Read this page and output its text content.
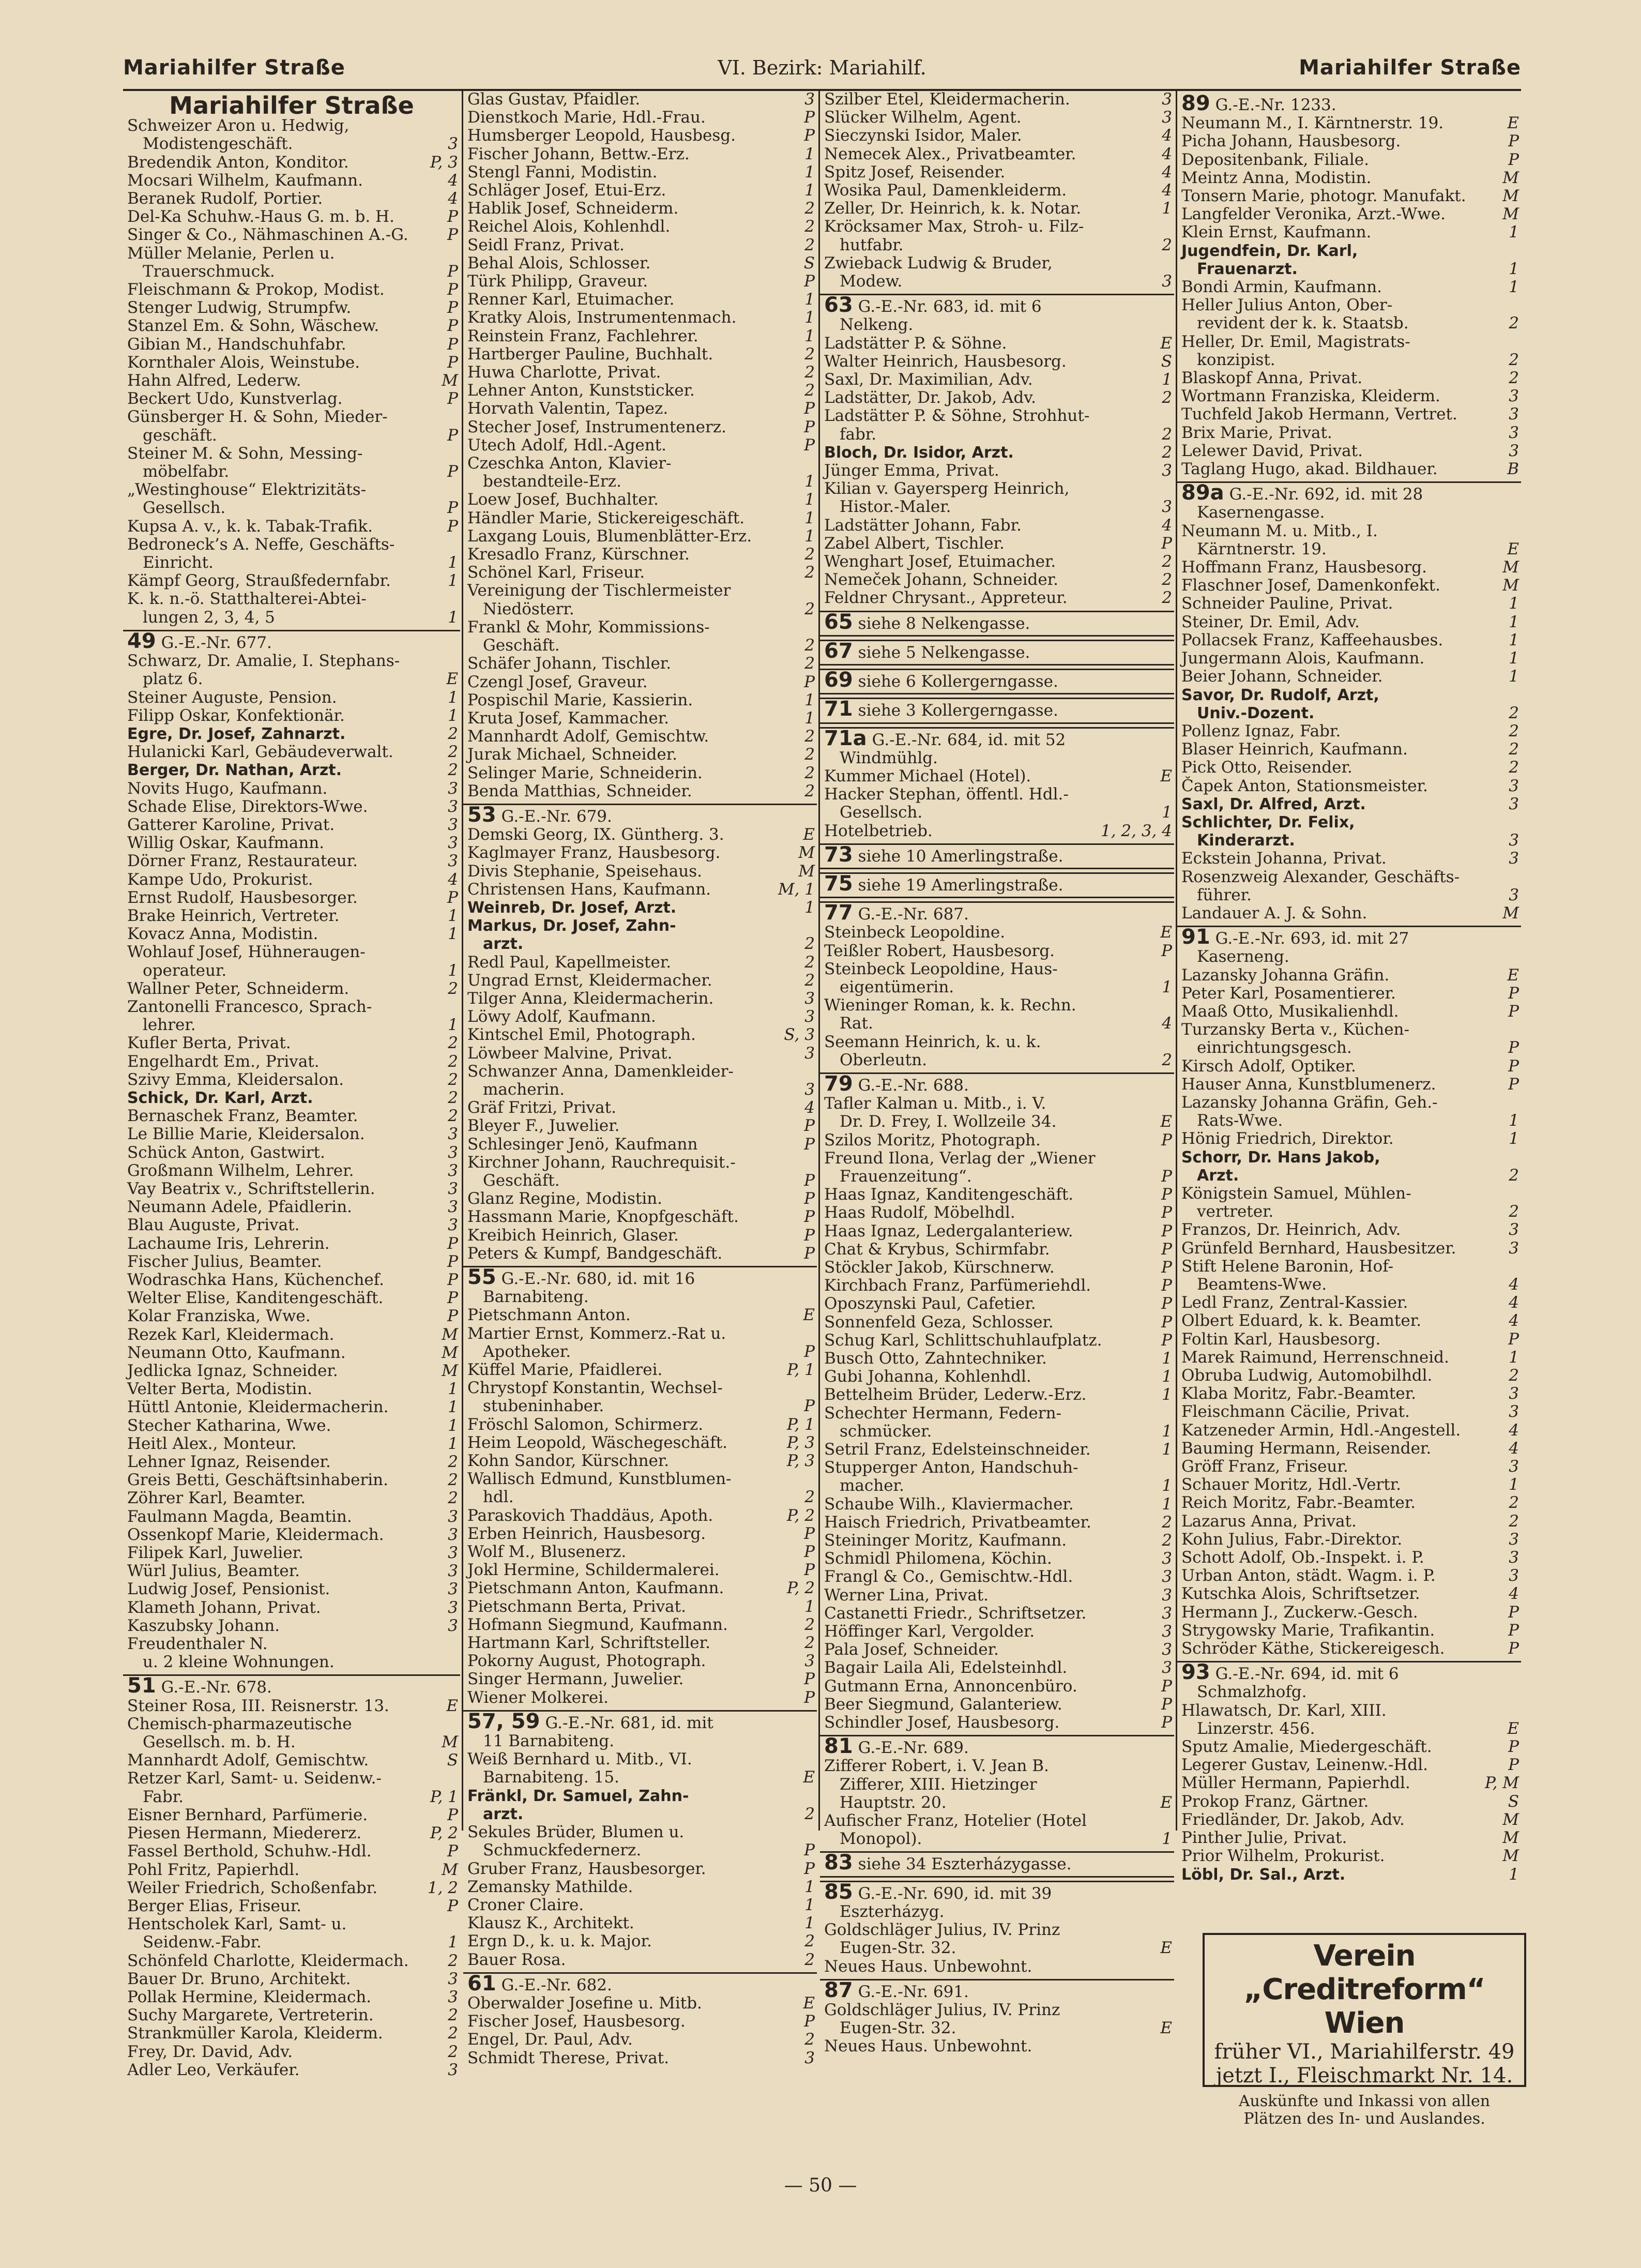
Mariahilfer Straße	VI. Bezirk: Mariahilf.	Mariahilfer Straße
Mariahilfer Straße
Schweizer Aron u. Hedwig,
Modistengeschäft.	3
Bredendik Anton, Konditor.	P, 3
Mocsari Wilhelm, Kaufmann.	4
Beranek Rudolf, Portier.	4
Del-Ka Schuhw.-Haus G. m. b. H.	P
Singer & Co., Nähmaschinen A.-G.	P
Müller Melanie, Perlen u.
Trauerschmuck.	P
Fleischmann & Prokop, Modist.	P
Stenger Ludwig, Strumpfw.	P
Stanzel Em. & Sohn, Wäschew.	P
Gibian M., Handschuhfabr.	P
Kornthaler Alois, Weinstube.	P
Hahn Alfred, Lederw.	M
Beckert Udo, Kunstverlag.	P
Günsberger H. & Sohn, Mieder-
geschäft.	P
Steiner M. & Sohn, Messing-
möbelfabr.	P
„Westinghouse“ Elektrizitäts-
Gesellsch.	P
Kupsa A. v., k. k. Tabak-Trafik.	P
Bedroneck’s A. Neffe, Geschäfts-
Einricht.	1
Kämpf Georg, Straußfedernfabr.	1
K. k. n.-ö. Statthalterei-Abtei-
lungen 2, 3, 4, 5	1
49 G.-E.-Nr. 677.
Schwarz, Dr. Amalie, I. Stephans-
platz 6.	E
Steiner Auguste, Pension.	1
Filipp Oskar, Konfektionär.	1
Egre, Dr. Josef, Zahnarzt.	2
Hulanicki Karl, Gebäudeverwalt.	2
Berger, Dr. Nathan, Arzt.	2
Novits Hugo, Kaufmann.	3
Schade Elise, Direktors-Wwe.	3
Gatterer Karoline, Privat.	3
Willig Oskar, Kaufmann.	3
Dörner Franz, Restaurateur.	3
Kampe Udo, Prokurist.	4
Ernst Rudolf, Hausbesorger.	P
Brake Heinrich, Vertreter.	1
Kovacz Anna, Modistin.	1
Wohlauf Josef, Hühneraugen-
operateur.	1
Wallner Peter, Schneiderm.	2
Zantonelli Francesco, Sprach-
lehrer.	1
Kufler Berta, Privat.	2
Engelhardt Em., Privat.	2
Szivy Emma, Kleidersalon.	2
Schick, Dr. Karl, Arzt.	2
Bernaschek Franz, Beamter.	2
Le Billie Marie, Kleidersalon.	3
Schück Anton, Gastwirt.	3
Großmann Wilhelm, Lehrer.	3
Vay Beatrix v., Schriftstellerin.	3
Neumann Adele, Pfaidlerin.	3
Blau Auguste, Privat.	3
Lachaume Iris, Lehrerin.	P
Fischer Julius, Beamter.	P
Wodraschka Hans, Küchenchef.	P
Welter Elise, Kanditengeschäft.	P
Kolar Franziska, Wwe.	P
Rezek Karl, Kleidermach.	M
Neumann Otto, Kaufmann.	M
Jedlicka Ignaz, Schneider.	M
Velter Berta, Modistin.	1
Hüttl Antonie, Kleidermacherin.	1
Stecher Katharina, Wwe.	1
Heitl Alex., Monteur.	1
Lehner Ignaz, Reisender.	2
Greis Betti, Geschäftsinhaberin.	2
Zöhrer Karl, Beamter.	2
Faulmann Magda, Beamtin.	3
Ossenkopf Marie, Kleidermach.	3
Filipek Karl, Juwelier.	3
Würl Julius, Beamter.	3
Ludwig Josef, Pensionist.	3
Klameth Johann, Privat.	3
Kaszubsky Johann.	3
Freudenthaler N.
u. 2 kleine Wohnungen.
51 G.-E.-Nr. 678.
Steiner Rosa, III. Reisnerstr. 13.	E
Chemisch-pharmazeutische
Gesellsch. m. b. H.	M
Mannhardt Adolf, Gemischtw.	S
Retzer Karl, Samt- u. Seidenw.-
Fabr.	P, 1
Eisner Bernhard, Parfümerie.	P
Piesen Hermann, Miedererz.	P, 2
Fassel Berthold, Schuhw.-Hdl.	P
Pohl Fritz, Papierhdl.	M
Weiler Friedrich, Schoßenfabr.	1, 2
Berger Elias, Friseur.	P
Hentscholek Karl, Samt- u.
Seidenw.-Fabr.	1
Schönfeld Charlotte, Kleidermach.	2
Bauer Dr. Bruno, Architekt.	3
Pollak Hermine, Kleidermach.	3
Suchy Margarete, Vertreterin.	2
Strankmüller Karola, Kleiderm.	2
Frey, Dr. David, Adv.	2
Adler Leo, Verkäufer.	3
Glas Gustav, Pfaidler.	3
Dienstkoch Marie, Hdl.-Frau.	P
Humsberger Leopold, Hausbesg.	P
Fischer Johann, Bettw.-Erz.	1
Stengl Fanni, Modistin.	1
Schläger Josef, Etui-Erz.	1
Hablik Josef, Schneiderm.	2
Reichel Alois, Kohlenhdl.	2
Seidl Franz, Privat.	2
Behal Alois, Schlosser.	S
Türk Philipp, Graveur.	P
Renner Karl, Etuimacher.	1
Kratky Alois, Instrumentenmach.	1
Reinstein Franz, Fachlehrer.	1
Hartberger Pauline, Buchhalt.	2
Huwa Charlotte, Privat.	2
Lehner Anton, Kunststicker.	2
Horvath Valentin, Tapez.	P
Stecher Josef, Instrumentenerz.	P
Utech Adolf, Hdl.-Agent.	P
Czeschka Anton, Klavier-
bestandteile-Erz.	1
Loew Josef, Buchhalter.	1
Händler Marie, Stickereigeschäft.	1
Laxgang Louis, Blumenblätter-Erz.	1
Kresadlo Franz, Kürschner.	2
Schönel Karl, Friseur.	2
Vereinigung der Tischlermeister
Niedösterr.	2
Frankl & Mohr, Kommissions-
Geschäft.	2
Schäfer Johann, Tischler.	2
Czengl Josef, Graveur.	P
Pospischil Marie, Kassierin.	1
Kruta Josef, Kammacher.	1
Mannhardt Adolf, Gemischtw.	2
Jurak Michael, Schneider.	2
Selinger Marie, Schneiderin.	2
Benda Matthias, Schneider.	2
53 G.-E.-Nr. 679.
Demski Georg, IX. Güntherg. 3.	E
Kaglmayer Franz, Hausbesorg.	M
Divis Stephanie, Speisehaus.	M
Christensen Hans, Kaufmann.	M, 1
Weinreb, Dr. Josef, Arzt.	1
Markus, Dr. Josef, Zahn-
arzt.	2
Redl Paul, Kapellmeister.	2
Ungrad Ernst, Kleidermacher.	2
Tilger Anna, Kleidermacherin.	3
Löwy Adolf, Kaufmann.	3
Kintschel Emil, Photograph.	S, 3
Löwbeer Malvine, Privat.	3
Schwanzer Anna, Damenkleider-
macherin.	3
Gräf Fritzi, Privat.	4
Bleyer F., Juwelier.	P
Schlesinger Jenö, Kaufmann	P
Kirchner Johann, Rauchrequisit.-
Geschäft.	P
Glanz Regine, Modistin.	P
Hassmann Marie, Knopfgeschäft.	P
Kreibich Heinrich, Glaser.	P
Peters & Kumpf, Bandgeschäft.	P
55 G.-E.-Nr. 680, id. mit 16
Barnabiteng.
Pietschmann Anton.	E
Martier Ernst, Kommerz.-Rat u.
Apotheker.	P
Küffel Marie, Pfaidlerei.	P, 1
Chrystopf Konstantin, Wechsel-
stubeninhaber.	P
Fröschl Salomon, Schirmerz.	P, 1
Heim Leopold, Wäschegeschäft.	P, 3
Kohn Sandor, Kürschner.	P, 3
Wallisch Edmund, Kunstblumen-
hdl.	2
Paraskovich Thaddäus, Apoth.	P, 2
Erben Heinrich, Hausbesorg.	P
Wolf M., Blusenerz.	P
Jokl Hermine, Schildermalerei.	P
Pietschmann Anton, Kaufmann.	P, 2
Pietschmann Berta, Privat.	1
Hofmann Siegmund, Kaufmann.	2
Hartmann Karl, Schriftsteller.	2
Pokorny August, Photograph.	3
Singer Hermann, Juwelier.	P
Wiener Molkerei.	P
57, 59 G.-E.-Nr. 681, id. mit
11 Barnabiteng.
Weiß Bernhard u. Mitb., VI.
Barnabiteng. 15.	E
Fränkl, Dr. Samuel, Zahn-
arzt.	2
Sekules Brüder, Blumen u.
Schmuckfedernerz.	P
Gruber Franz, Hausbesorger.	P
Zemansky Mathilde.	1
Croner Claire.	1
Klausz K., Architekt.	1
Ergn D., k. u. k. Major.	2
Bauer Rosa.	2
61 G.-E.-Nr. 682.
Oberwalder Josefine u. Mitb.	E
Fischer Josef, Hausbesorg.	P
Engel, Dr. Paul, Adv.	2
Schmidt Therese, Privat.	3
Szilber Etel, Kleidermacherin.	3
Slücker Wilhelm, Agent.	3
Sieczynski Isidor, Maler.	4
Nemecek Alex., Privatbeamter.	4
Spitz Josef, Reisender.	4
Wosika Paul, Damenkleiderm.	4
Zeller, Dr. Heinrich, k. k. Notar.	1
Kröcksamer Max, Stroh- u. Filz-
hutfabr.	2
Zwieback Ludwig & Bruder,
Modew.	3
63 G.-E.-Nr. 683, id. mit 6
Nelkeng.
Ladstätter P. & Söhne.	E
Walter Heinrich, Hausbesorg.	S
Saxl, Dr. Maximilian, Adv.	1
Ladstätter, Dr. Jakob, Adv.	2
Ladstätter P. & Söhne, Strohhut-
fabr.	2
Bloch, Dr. Isidor, Arzt.	2
Jünger Emma, Privat.	3
Kilian v. Gayersperg Heinrich,
Histor.-Maler.	3
Ladstätter Johann, Fabr.	4
Zabel Albert, Tischler.	P
Wenghart Josef, Etuimacher.	2
Nemeček Johann, Schneider.	2
Feldner Chrysant., Appreteur.	2
65 siehe 8 Nelkengasse.
67 siehe 5 Nelkengasse.
69 siehe 6 Kollergerngasse.
71 siehe 3 Kollergerngasse.
71a G.-E.-Nr. 684, id. mit 52
Windmühlg.
Kummer Michael (Hotel).	E
Hacker Stephan, öffentl. Hdl.-
Gesellsch.	1
Hotelbetrieb.	1, 2, 3, 4
73 siehe 10 Amerlingstraße.
75 siehe 19 Amerlingstraße.
77 G.-E.-Nr. 687.
Steinbeck Leopoldine.	E
Teißler Robert, Hausbesorg.	P
Steinbeck Leopoldine, Haus-
eigentümerin.	1
Wieninger Roman, k. k. Rechn.
Rat.	4
Seemann Heinrich, k. u. k.
Oberleutn.	2
79 G.-E.-Nr. 688.
Tafler Kalman u. Mitb., i. V.
Dr. D. Frey, I. Wollzeile 34.	E
Szilos Moritz, Photograph.	P
Freund Ilona, Verlag der „Wiener
Frauenzeitung“.	P
Haas Ignaz, Kanditengeschäft.	P
Haas Rudolf, Möbelhdl.	P
Haas Ignaz, Ledergalanteriew.	P
Chat & Krybus, Schirmfabr.	P
Stöckler Jakob, Kürschnerw.	P
Kirchbach Franz, Parfümeriehdl.	P
Oposzynski Paul, Cafetier.	P
Sonnenfeld Geza, Schlosser.	P
Schug Karl, Schlittschuhlaufplatz.	P
Busch Otto, Zahntechniker.	1
Gubi Johanna, Kohlenhdl.	1
Bettelheim Brüder, Lederw.-Erz.	1
Schechter Hermann, Federn-
schmücker.	1
Setril Franz, Edelsteinschneider.	1
Stupperger Anton, Handschuh-
macher.	1
Schaube Wilh., Klaviermacher.	1
Haisch Friedrich, Privatbeamter.	2
Steininger Moritz, Kaufmann.	2
Schmidl Philomena, Köchin.	3
Frangl & Co., Gemischtw.-Hdl.	3
Werner Lina, Privat.	3
Castanetti Friedr., Schriftsetzer.	3
Höffinger Karl, Vergolder.	3
Pala Josef, Schneider.	3
Bagair Laila Ali, Edelsteinhdl.	3
Gutmann Erna, Annoncenbüro.	P
Beer Siegmund, Galanteriew.	P
Schindler Josef, Hausbesorg.	P
81 G.-E.-Nr. 689.
Zifferer Robert, i. V. Jean B.
Zifferer, XIII. Hietzinger
Hauptstr. 20.	E
Aufischer Franz, Hotelier (Hotel
Monopol).	1
83 siehe 34 Eszterházygasse.
85 G.-E.-Nr. 690, id. mit 39
Eszterházyg.
Goldschläger Julius, IV. Prinz
Eugen-Str. 32.	E
Neues Haus. Unbewohnt.
87 G.-E.-Nr. 691.
Goldschläger Julius, IV. Prinz
Eugen-Str. 32.	E
Neues Haus. Unbewohnt.
89 G.-E.-Nr. 1233.
Neumann M., I. Kärntnerstr. 19.	E
Picha Johann, Hausbesorg.	P
Depositenbank, Filiale.	P
Meintz Anna, Modistin.	M
Tonsern Marie, photogr. Manufakt.	M
Langfelder Veronika, Arzt.-Wwe.	M
Klein Ernst, Kaufmann.	1
Jugendfein, Dr. Karl,
Frauenarzt.	1
Bondi Armin, Kaufmann.	1
Heller Julius Anton, Ober-
revident der k. k. Staatsb.	2
Heller, Dr. Emil, Magistrats-
konzipist.	2
Blaskopf Anna, Privat.	2
Wortmann Franziska, Kleiderm.	3
Tuchfeld Jakob Hermann, Vertret.	3
Brix Marie, Privat.	3
Lelewer David, Privat.	3
Taglang Hugo, akad. Bildhauer.	B
89a G.-E.-Nr. 692, id. mit 28
Kasernengasse.
Neumann M. u. Mitb., I.
Kärntnerstr. 19.	E
Hoffmann Franz, Hausbesorg.	M
Flaschner Josef, Damenkonfekt.	M
Schneider Pauline, Privat.	1
Steiner, Dr. Emil, Adv.	1
Pollacsek Franz, Kaffeehausbes.	1
Jungermann Alois, Kaufmann.	1
Beier Johann, Schneider.	1
Savor, Dr. Rudolf, Arzt,
Univ.-Dozent.	2
Pollenz Ignaz, Fabr.	2
Blaser Heinrich, Kaufmann.	2
Pick Otto, Reisender.	2
Čapek Anton, Stationsmeister.	3
Saxl, Dr. Alfred, Arzt.	3
Schlichter, Dr. Felix,
Kinderarzt.	3
Eckstein Johanna, Privat.	3
Rosenzweig Alexander, Geschäfts-
führer.	3
Landauer A. J. & Sohn.	M
91 G.-E.-Nr. 693, id. mit 27
Kaserneng.
Lazansky Johanna Gräfin.	E
Peter Karl, Posamentierer.	P
Maaß Otto, Musikalienhdl.	P
Turzansky Berta v., Küchen-
einrichtungsgesch.	P
Kirsch Adolf, Optiker.	P
Hauser Anna, Kunstblumenerz.	P
Lazansky Johanna Gräfin, Geh.-
Rats-Wwe.	1
Hönig Friedrich, Direktor.	1
Schorr, Dr. Hans Jakob,
Arzt.	2
Königstein Samuel, Mühlen-
vertreter.	2
Franzos, Dr. Heinrich, Adv.	3
Grünfeld Bernhard, Hausbesitzer.	3
Stift Helene Baronin, Hof-
Beamtens-Wwe.	4
Ledl Franz, Zentral-Kassier.	4
Olbert Eduard, k. k. Beamter.	4
Foltin Karl, Hausbesorg.	P
Marek Raimund, Herrenschneid.	1
Obruba Ludwig, Automobilhdl.	2
Klaba Moritz, Fabr.-Beamter.	3
Fleischmann Cäcilie, Privat.	3
Katzeneder Armin, Hdl.-Angestell.	4
Bauming Hermann, Reisender.	4
Gröff Franz, Friseur.	3
Schauer Moritz, Hdl.-Vertr.	1
Reich Moritz, Fabr.-Beamter.	2
Lazarus Anna, Privat.	2
Kohn Julius, Fabr.-Direktor.	3
Schott Adolf, Ob.-Inspekt. i. P.	3
Urban Anton, städt. Wagm. i. P.	3
Kutschka Alois, Schriftsetzer.	4
Hermann J., Zuckerw.-Gesch.	P
Strygowsky Marie, Trafikantin.	P
Schröder Käthe, Stickereigesch.	P
93 G.-E.-Nr. 694, id. mit 6
Schmalzhofg.
Hlawatsch, Dr. Karl, XIII.
Linzerstr. 456.	E
Sputz Amalie, Miedergeschäft.	P
Legerer Gustav, Leinenw.-Hdl.	P
Müller Hermann, Papierhdl.	P, M
Prokop Franz, Gärtner.	S
Friedländer, Dr. Jakob, Adv.	M
Pinther Julie, Privat.	M
Prior Wilhelm, Prokurist.	M
Löbl, Dr. Sal., Arzt.	1
Verein „Creditreform“ Wien
früher VI., Mariahilferstr. 49
jetzt I., Fleischmarkt Nr. 14.
Auskünfte und Inkassi von allen
Plätzen des In- und Auslandes.
— 50 —
